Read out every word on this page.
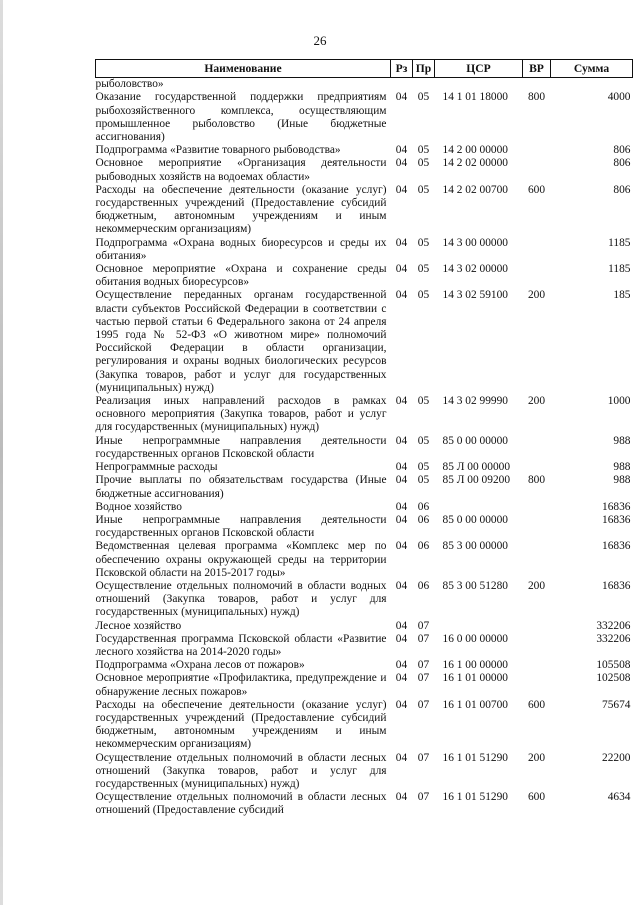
26
Наименование	Рз	Пр	ЦСР	ВР	Сумма
рыболовство»					
Оказание государственной поддержки предприятиям рыбохозяйственного комплекса, осуществляющим промышленное рыболовство (Иные бюджетные ассигнования)	04	05	14 1 01 18000	800	4000
Подпрограмма «Развитие товарного рыбоводства»	04	05	14 2 00 00000		806
Основное мероприятие «Организация деятельности рыбоводных хозяйств на водоемах области»	04	05	14 2 02 00000		806
Расходы на обеспечение деятельности (оказание услуг) государственных учреждений (Предоставление субсидий бюджетным, автономным учреждениям и иным некоммерческим организациям)	04	05	14 2 02 00700	600	806
Подпрограмма «Охрана водных биоресурсов и среды их обитания»	04	05	14 3 00 00000		1185
Основное мероприятие «Охрана и сохранение среды обитания водных биоресурсов»	04	05	14 3 02 00000		1185
Осуществление переданных органам государственной власти субъектов Российской Федерации в соответствии с частью первой статьи 6 Федерального закона от 24 апреля 1995 года № 52-ФЗ «О животном мире» полномочий Российской Федерации в области организации, регулирования и охраны водных биологических ресурсов (Закупка товаров, работ и услуг для государственных (муниципальных) нужд)	04	05	14 3 02 59100	200	185
Реализация иных направлений расходов в рамках основного мероприятия (Закупка товаров, работ и услуг для государственных (муниципальных) нужд)	04	05	14 3 02 99990	200	1000
Иные непрограммные направления деятельности государственных органов Псковской области	04	05	85 0 00 00000		988
Непрограммные расходы	04	05	85 Л 00 00000		988
Прочие выплаты по обязательствам государства (Иные бюджетные ассигнования)	04	05	85 Л 00 09200	800	988
Водное хозяйство	04	06			16836
Иные непрограммные направления деятельности государственных органов Псковской области	04	06	85 0 00 00000		16836
Ведомственная целевая программа «Комплекс мер по обеспечению охраны окружающей среды на территории Псковской области на 2015-2017 годы»	04	06	85 3 00 00000		16836
Осуществление отдельных полномочий в области водных отношений (Закупка товаров, работ и услуг для государственных (муниципальных) нужд)	04	06	85 3 00 51280	200	16836
Лесное хозяйство	04	07			332206
Государственная программа Псковской области «Развитие лесного хозяйства на 2014-2020 годы»	04	07	16 0 00 00000		332206
Подпрограмма «Охрана лесов от пожаров»	04	07	16 1 00 00000		105508
Основное мероприятие «Профилактика, предупреждение и обнаружение лесных пожаров»	04	07	16 1 01 00000		102508
Расходы на обеспечение деятельности (оказание услуг) государственных учреждений (Предоставление субсидий бюджетным, автономным учреждениям и иным некоммерческим организациям)	04	07	16 1 01 00700	600	75674
Осуществление отдельных полномочий в области лесных отношений (Закупка товаров, работ и услуг для государственных (муниципальных) нужд)	04	07	16 1 01 51290	200	22200
Осуществление отдельных полномочий в области лесных отношений (Предоставление субсидий	04	07	16 1 01 51290	600	4634
